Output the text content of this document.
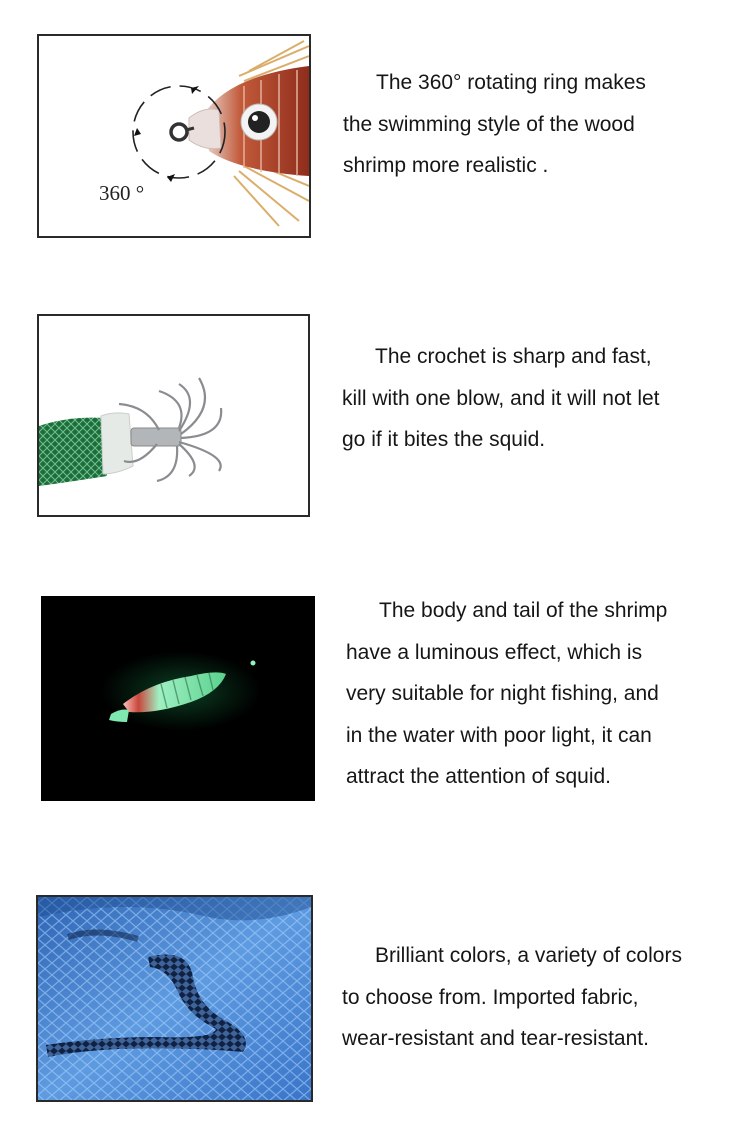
360 °

The 360° rotating ring makes

the swimming style of the wood

shrimp more realistic .

The crochet is sharp and fast,

kill with one blow, and it will not let

go if it bites the squid.

The body and tail of the shrimp

have a luminous effect, which is

very suitable for night fishing, and

in the water with poor light, it can

attract the attention of squid.

Brilliant colors, a variety of colors

to choose from. Imported fabric,

wear-resistant and tear-resistant.
